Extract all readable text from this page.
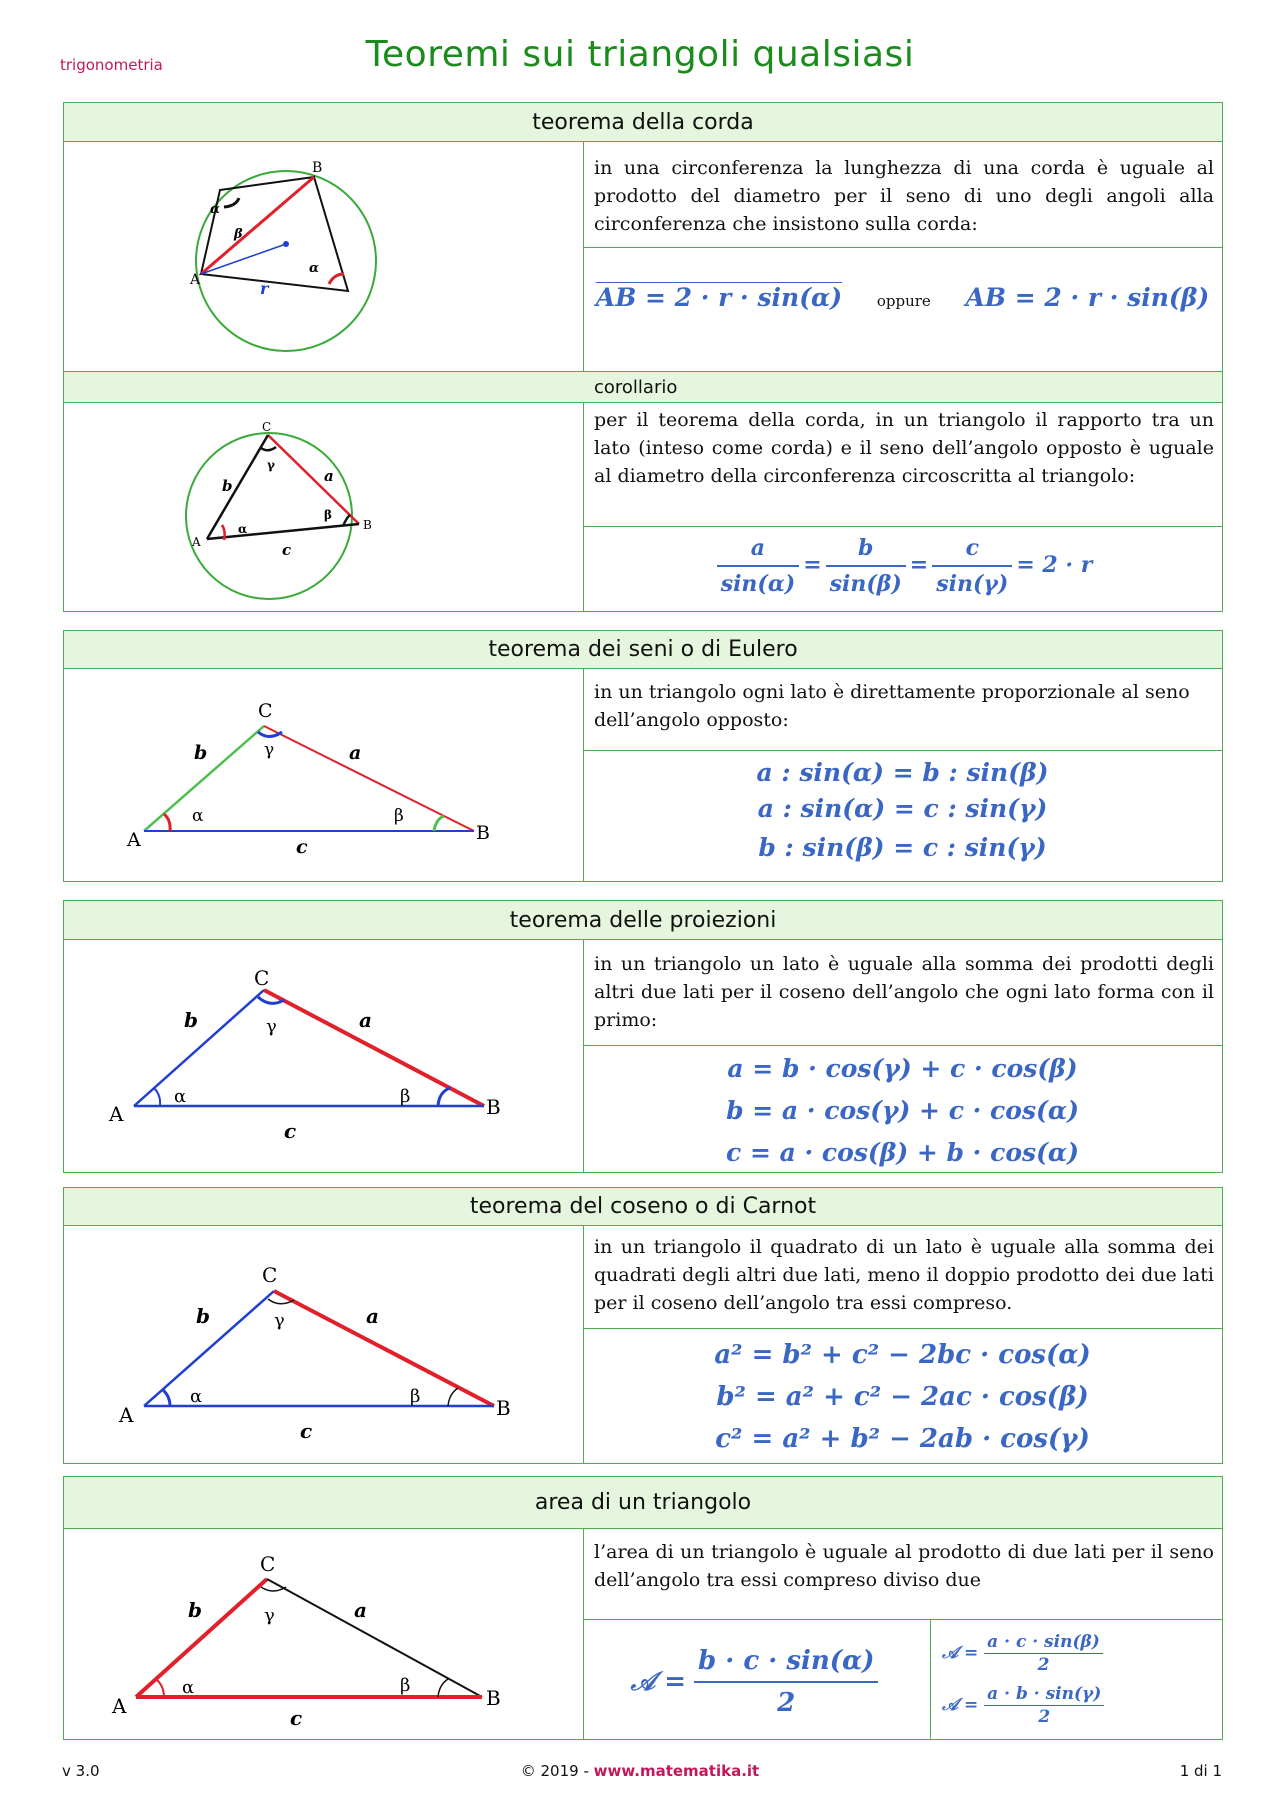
trigonometria	Teoremi sui triangoli qualsiasi
teorema della corda
A
B
r
α
β
α
in una circonferenza la lunghezza di una corda è uguale al prodotto del diametro per il seno di uno degli angoli alla circonferenza che insistono sulla corda:
AB = 2 · r · sin(α) oppure AB = 2 · r · sin(β)
corollario
A
B
C
a
b
c
α
β
γ
per il teorema della corda, in un triangolo il rapporto tra un lato (inteso come corda) e il seno dell’angolo opposto è uguale al diametro della circonferenza circoscritta al triangolo:
$\frac{a}{\sin(\alpha)} = \frac{b}{\sin(\beta)} = \frac{c}{\sin(\gamma)} = 2 \cdot r$
teorema dei seni o di Eulero
A	B
C
a
b
c
α	β
γ
in un triangolo ogni lato è direttamente proporzionale al seno dell’angolo opposto:
a : sin(α) = b : sin(β)
a : sin(α) = c : sin(γ)
b : sin(β) = c : sin(γ)
teorema delle proiezioni
A	B
C
a
b
c
α	β
γ
in un triangolo un lato è uguale alla somma dei prodotti degli altri due lati per il coseno dell’angolo che ogni lato forma con il primo:
a = b · cos(γ) + c · cos(β)
b = a · cos(γ) + c · cos(α)
c = a · cos(β) + b · cos(α)
teorema del coseno o di Carnot
A	B
C
a
b
c
α	β
γ
in un triangolo il quadrato di un lato è uguale alla somma dei quadrati degli altri due lati, meno il doppio prodotto dei due lati per il coseno dell’angolo tra essi compreso.
a² = b² + c² − 2bc · cos(α)
b² = a² + c² − 2ac · cos(β)
c² = a² + b² − 2ab · cos(γ)
area di un triangolo
A	B
C
a
b
c
α	β
γ
l’area di un triangolo è uguale al prodotto di due lati per il seno dell’angolo tra essi compreso diviso due
𝒜 = $\frac{b \cdot c \cdot \sin(\alpha)}{2}$	𝒜 = $\frac{a \cdot c \cdot \sin(\beta)}{2}$
𝒜 = $\frac{a \cdot b \cdot \sin(\gamma)}{2}$
v 3.0	© 2019 - www.matematika.it	1 di 1
